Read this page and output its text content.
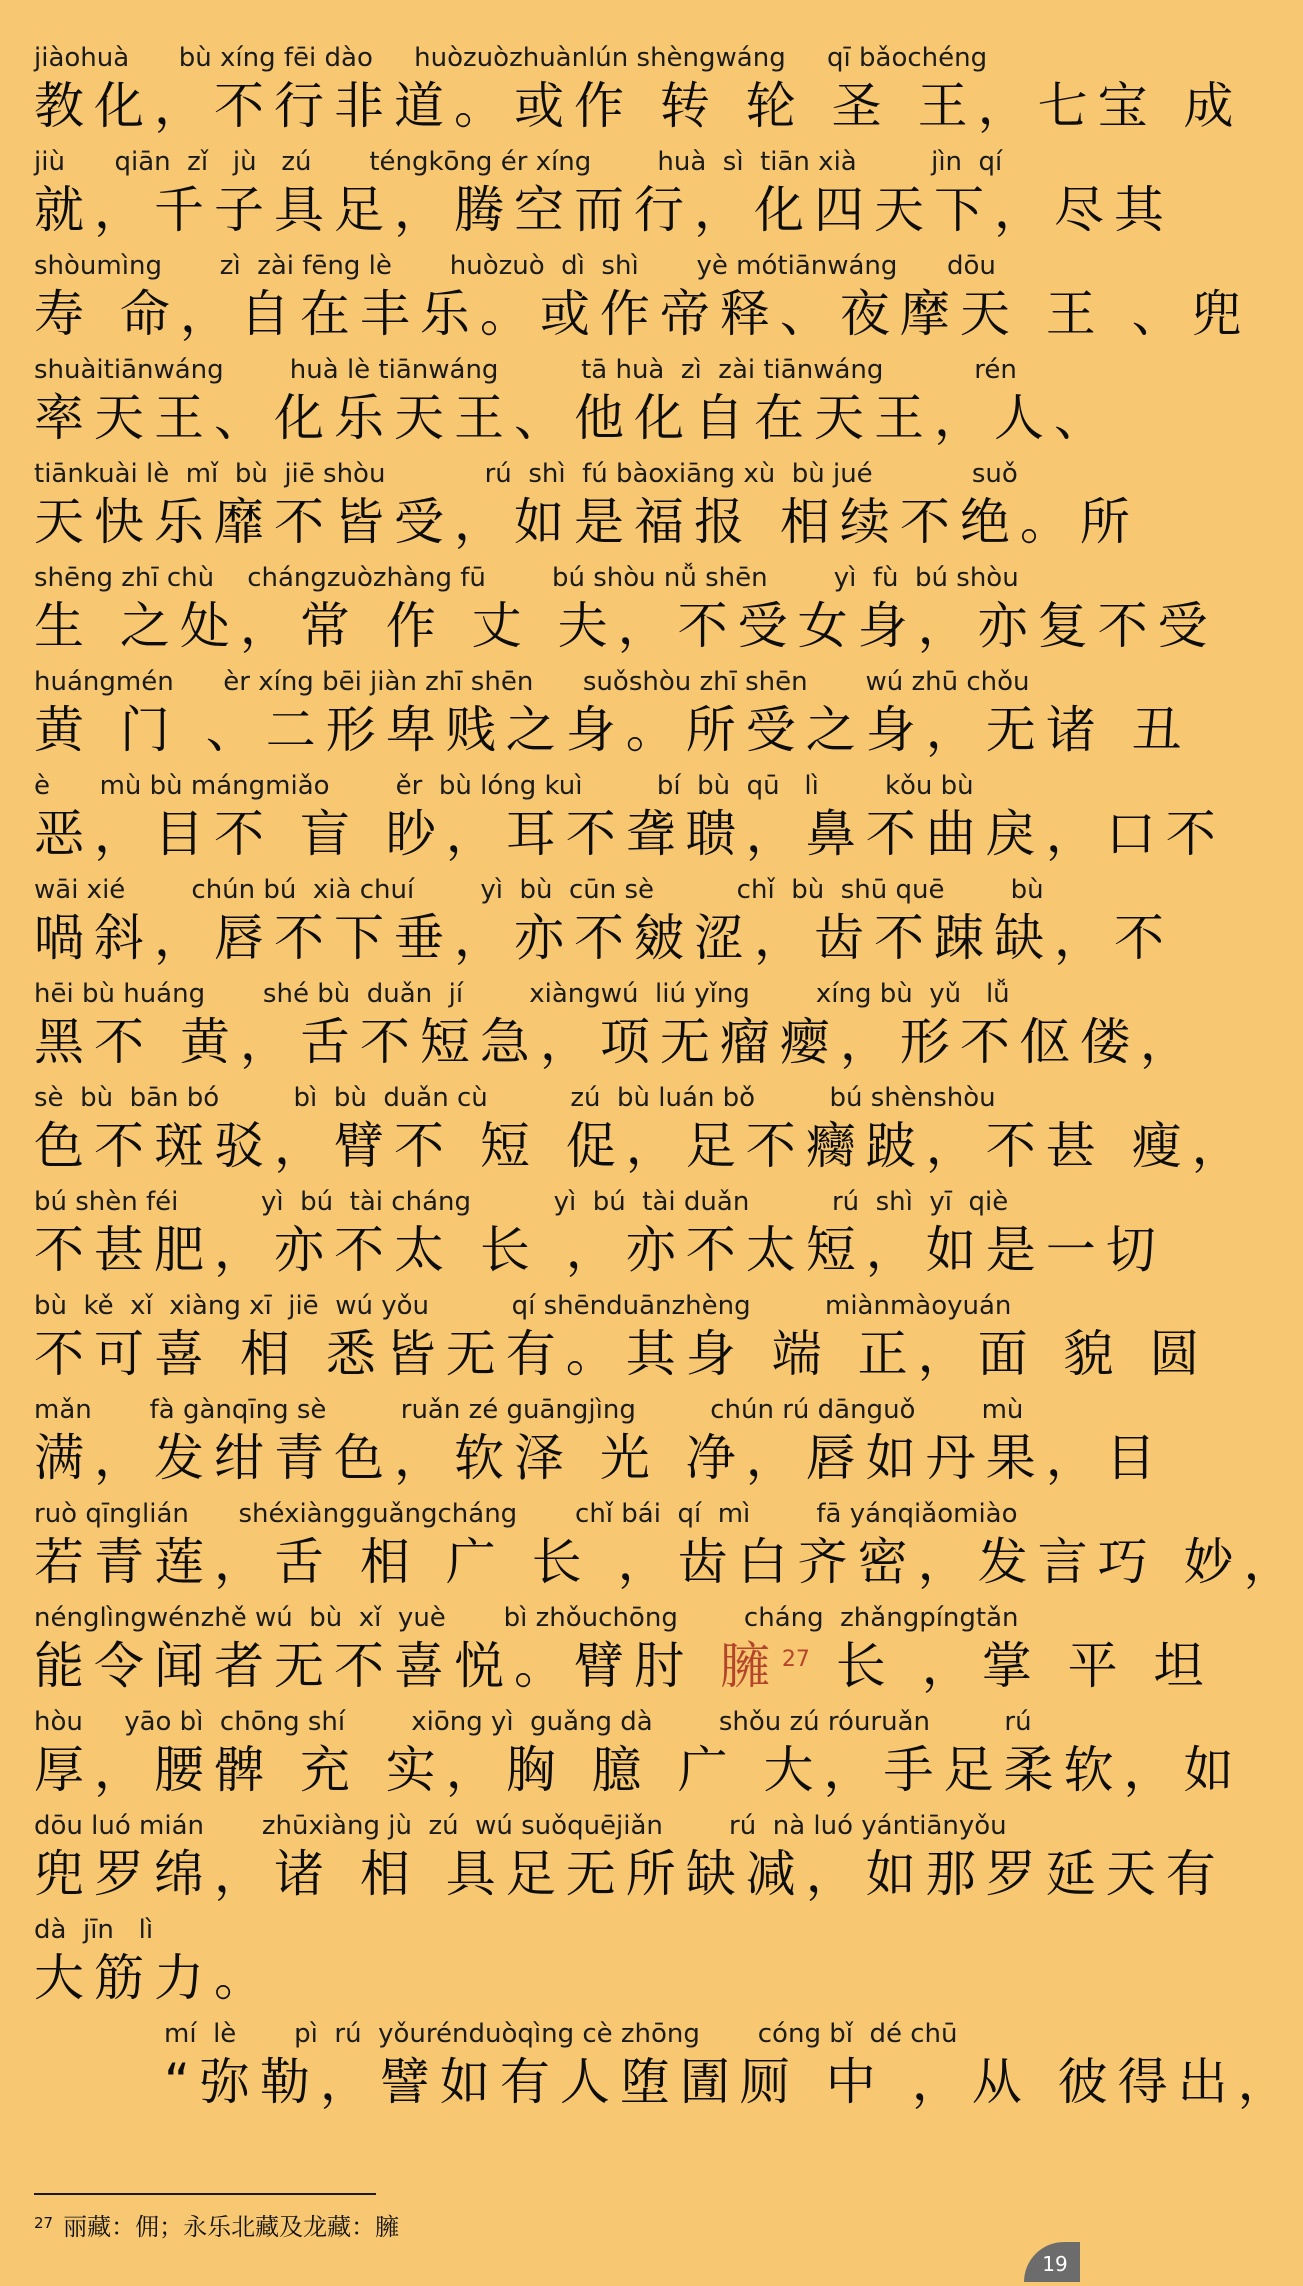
jiàohuà      bù xíng fēi dào     huòzuòzhuànlún shèngwáng     qī bǎochéng
教化，不行非道。或作 转 轮 圣 王，七宝 成
jiù      qiān  zǐ   jù   zú       téngkōng ér xíng        huà  sì  tiān xià         jìn  qí
就，千子具足，腾空而行，化四天下，尽其
shòumìng       zì  zài fēng lè       huòzuò  dì  shì       yè mótiānwáng      dōu
寿 命，自在丰乐。或作帝释、夜摩天 王 、兜
shuàitiānwáng        huà lè tiānwáng          tā huà  zì  zài tiānwáng           rén
率天王、化乐天王、他化自在天王，人、
tiānkuài lè  mǐ  bù  jiē shòu            rú  shì  fú bàoxiāng xù  bù jué            suǒ
天快乐靡不皆受，如是福报 相续不绝。所
shēng zhī chù    chángzuòzhàng fū        bú shòu nǚ shēn        yì  fù  bú shòu
生 之处，常 作 丈 夫，不受女身，亦复不受
huángmén      èr xíng bēi jiàn zhī shēn      suǒshòu zhī shēn       wú zhū chǒu
黄 门 、二形卑贱之身。所受之身，无诸 丑
è      mù bù mángmiǎo        ěr  bù lóng kuì         bí  bù  qū   lì        kǒu bù
恶，目不 盲 眇，耳不聋聩，鼻不曲戾，口不
wāi xié        chún bú  xià chuí        yì  bù  cūn sè          chǐ  bù  shū quē        bù
喎斜，唇不下垂，亦不皴涩，齿不踈缺，不
hēi bù huáng       shé bù  duǎn  jí        xiàngwú  liú yǐng        xíng bù  yǔ   lǚ
黑不 黄，舌不短急，项无瘤瘿，形不伛偻，
sè  bù  bān bó         bì  bù  duǎn cù          zú  bù luán bǒ         bú shènshòu
色不斑驳，臂不 短 促，足不癵跛，不甚 瘦，
bú shèn féi          yì  bú  tài cháng          yì  bú  tài duǎn          rú  shì  yī  qiè
不甚肥，亦不太 长 ，亦不太短，如是一切
bù  kě  xǐ  xiàng xī  jiē  wú yǒu          qí shēnduānzhèng         miànmàoyuán
不可喜 相 悉皆无有。其身 端 正，面 貌 圆
mǎn       fà gànqīng sè         ruǎn zé guāngjìng         chún rú dānguǒ        mù
满，发绀青色，软泽 光 净，唇如丹果，目
ruò qīnglián      shéxiàngguǎngcháng       chǐ bái  qí  mì        fā yánqiǎomiào
若青莲，舌 相 广 长 ，齿白齐密，发言巧 妙，
nénglìngwénzhě wú  bù  xǐ  yuè       bì zhǒuchōng        cháng  zhǎngpíngtǎn
能令闻者无不喜悦。臂肘 臃$^{27}$ 长 ，掌 平 坦
hòu     yāo bì  chōng shí        xiōng yì  guǎng dà        shǒu zú róuruǎn         rú
厚，腰髀 充 实，胸 臆 广 大，手足柔软，如
dōu luó mián       zhūxiàng jù  zú  wú suǒquējiǎn        rú  nà luó yántiānyǒu
兜罗绵，诸 相 具足无所缺减，如那罗延天有
dà  jīn   lì
大筋力。
mí  lè       pì  rú  yǒurénduòqìng cè zhōng       cóng bǐ  dé chū
“弥勒，譬如有人堕圊厕 中 ，从 彼得出，
$^{27}$ 丽藏：佣；永乐北藏及龙藏：臃
19
